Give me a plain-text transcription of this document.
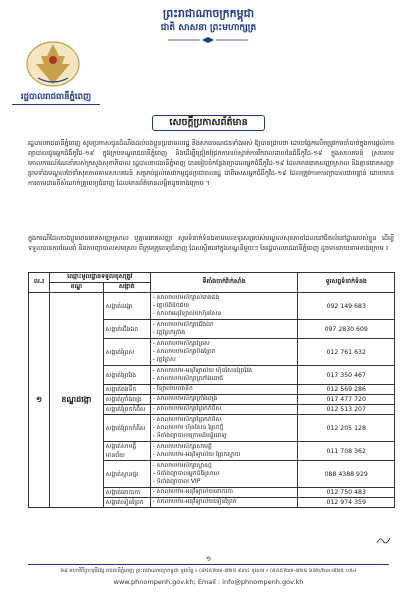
ព្រះរាជាណាចក្រកម្ពុជា
ជាតិ សាសនា ព្រះមហាក្សត្រ
រដ្ឋបាលរាជធានីភ្នំពេញ
សេចក្តីប្រកាសព័ត៌មាន
រដ្ឋបាលរាជធានីភ្នំពេញ សូមប្រកាសជូនដំណឹងដល់បងប្អូនប្រជាពលរដ្ឋ និងសាធារណជនទាំងអស់ ឱ្យបានជ្រាបថា ដោយផ្អែកលើតម្រូវការចាំបាច់ក្នុងការផ្តល់ការព្យាបាលជូនអ្នកជំងឺកូវីដ-១៩ ក្នុងក្របខណ្ឌរាជធានីភ្នំពេញ និងដើម្បីជ្រៀតជ្រែកការទប់ស្កាត់ការរីករាលដាលនៃជំងឺកូវីដ-១៩ ក្នុងសហគមន៍ ស្របតាមគោលការណ៍ណែនាំរបស់ក្រសួងសុខាភិបាល រដ្ឋបាលរាជធានីភ្នំពេញ បានរៀបចំកន្លែងព្យាបាលអ្នកជំងឺកូវីដ-១៩ ដែលមានរោគសញ្ញាស្រាល និងគ្មានរោគសញ្ញា ព្រមទាំងមណ្ឌលថែទាំសុខភាពតាមសហគមន៍ សម្រាប់ផ្តល់សេវាកម្មជូនប្រជាពលរដ្ឋ ជាពិសេសអ្នកជំងឺកូវីដ-១៩ ដែលត្រូវការការព្យាបាលជាបន្ទាន់ ដោយមានការតាមដានពីសំណាក់គ្រូពេទ្យជំនាញ ដែលមានព័ត៌មានលម្អិតដូចខាងក្រោម ។
ក្នុងករណីដែលបងប្អូនមានរោគសញ្ញាស្រាល ឬគ្មានរោគសញ្ញា សូមទំនាក់ទំនងតាមលេខទូរសព្ទរបស់មណ្ឌលសុខភាពដែលនៅជិតលំនៅដ្ឋានរបស់ខ្លួន ដើម្បីទទួលបានការណែនាំ និងការព្យាបាលសមស្រប ពីក្រុមគ្រូពេទ្យជំនាញ ដែលស្ថិតនៅក្នុងខណ្ឌនីមួយៗ នៃរដ្ឋបាលរាជធានីភ្នំពេញ ដូចមានរាយនាមខាងក្រោម ៖
ល.រ	ឈ្មោះមូលដ្ឋានទទួលខុសត្រូវ		ទីតាំងចាក់វ៉ាក់សាំង	ទូរសព្ទទំនាក់ទំនង
	ខណ្ឌ	សង្កាត់		
១	ខណ្ឌដង្កោ	សង្កាត់ដង្កោ	- សាលាបឋមសិក្សាសំរោងគង
- វត្តបរិពិនិចឆ័យ
- សាលាអនុវិទ្យាល័យហ៊ុនសែន	092 149 683
		សង្កាត់ជើងឯក	- សាលាបឋមសិក្សាជើងឯក
- វត្តព្រែកក្រាំង	097 2830 609
		សង្កាត់ព្រៃស	- សាលាបឋមសិក្សាព្រៃស
- សាលាបឋមសិក្សាបឹងព្រែក
- វត្តព្រៃស	012 761 632
		សង្កាត់ព្រៃវែង	- សាលាបឋម-អនុវិទ្យាល័យ ហ៊ុនសែនព្រៃវែង
- សាលាបឋមសិក្សាត្រពាំងពោធិ៍	017 350 467
		សង្កាត់ពងទឹក	- វិទ្យាល័យពងទឹក	012 569 286
		សង្កាត់ក្រាំងពង្រ	- សាលាបឋមសិក្សាក្រាំងពង្រ	017 477 720
		សង្កាត់ព្រែកកំពឹស	- សាលាបឋមសិក្សាព្រែកកំពឹស	012 513 207
		សង្កាត់ព្រែកកំពីស	- សាលាបឋមសិក្សាព្រែកកំពីស
- សាលាបឋម ហ៊ុនសែន ព្រែកថ្មី
- ទីតាំងព្យាបាលក្រោមដីមន្ទីរពេទ្យ	012 205 128
		សង្កាត់សាមគ្គីមានជ័យ	- សាលាបឋមសិក្សាសាមគ្គី
- សាលាបឋម-អនុវិទ្យាល័យ ព្រែកស្នាយ	011 708 362
		សង្កាត់ស្ពានថ្មរ	- សាលាបឋមសិក្សាស្ពានថ្ម
- ទីតាំងព្យាបាលអ្នកជំងឺស្រាល
- ទីតាំងព្យាបាល VIP	088 4388 929
		សង្កាត់គោករកា	- សាលាបឋម-អនុវិទ្យាល័យគោករកា	012 750 483
		សង្កាត់ទៀនព្រែក	- សាលាបឋម-អនុវិទ្យាល័យទៀនព្រែក	012 974 359
១
៦៩ មហាវិថីព្រះមុនីវង្ស រាជធានីភ្នំពេញ ព្រះរាជាណាចក្រកម្ពុជា ទូរស័ព្ទ ៖ (៨៥៥)២៣-៧២៦ ៩៣៤ ទូរសារ ៖ (៨៥៥)២៣-៧២៥ ៦៦២/២៣-៧២៥ ០៥៤
www.phnompenh.gov.kh; Email : info@phnompenh.gov.kh
